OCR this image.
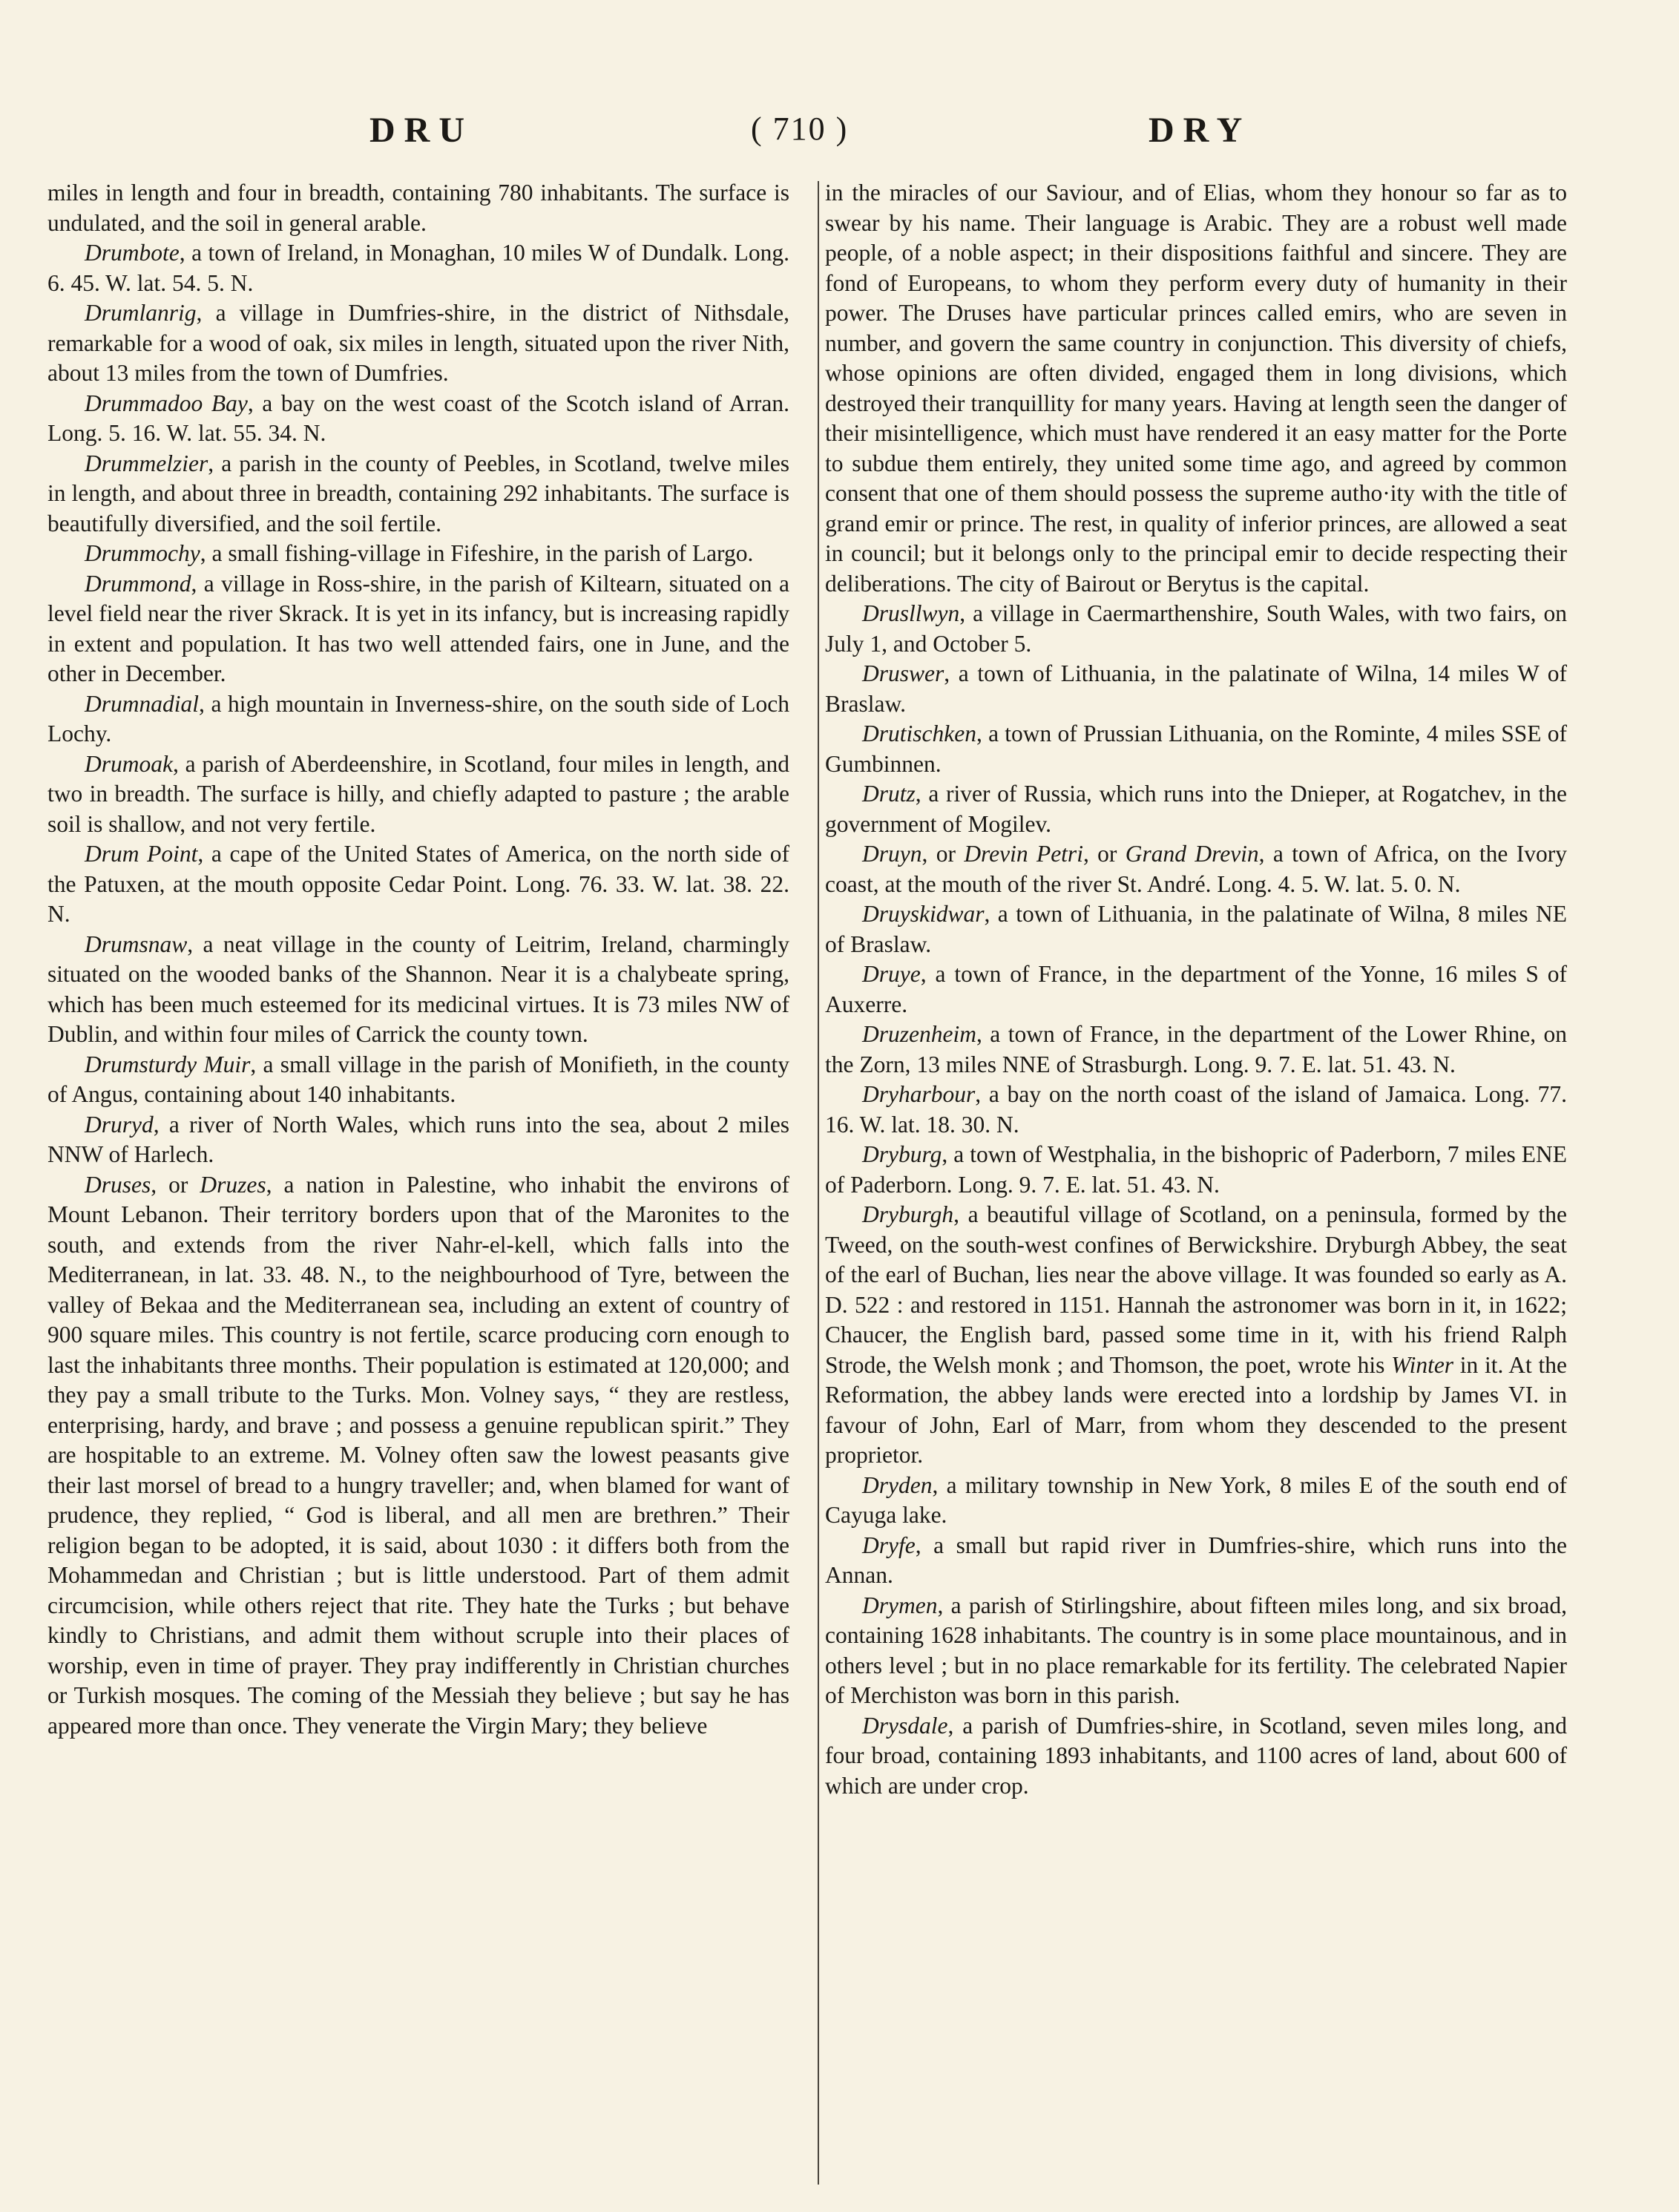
DRU	( 710 )	DRY

miles in length and four in breadth, containing 780 inhabitants. The surface is undulated, and the soil in general arable.

Drumbote, a town of Ireland, in Monaghan, 10 miles W of Dundalk. Long. 6. 45. W. lat. 54. 5. N.

Drumlanrig, a village in Dumfries-shire, in the district of Nithsdale, remarkable for a wood of oak, six miles in length, situated upon the river Nith, about 13 miles from the town of Dumfries.

Drummadoo Bay, a bay on the west coast of the Scotch island of Arran. Long. 5. 16. W. lat. 55. 34. N.

Drummelzier, a parish in the county of Peebles, in Scotland, twelve miles in length, and about three in breadth, containing 292 inhabitants. The surface is beautifully diversified, and the soil fertile.

Drummochy, a small fishing-village in Fifeshire, in the parish of Largo.

Drummond, a village in Ross-shire, in the parish of Kiltearn, situated on a level field near the river Skrack. It is yet in its infancy, but is increasing rapidly in extent and population. It has two well attended fairs, one in June, and the other in December.

Drumnadial, a high mountain in Inverness-shire, on the south side of Loch Lochy.

Drumoak, a parish of Aberdeenshire, in Scotland, four miles in length, and two in breadth. The surface is hilly, and chiefly adapted to pasture ; the arable soil is shallow, and not very fertile.

Drum Point, a cape of the United States of America, on the north side of the Patuxen, at the mouth opposite Cedar Point. Long. 76. 33. W. lat. 38. 22. N.

Drumsnaw, a neat village in the county of Leitrim, Ireland, charmingly situated on the wooded banks of the Shannon. Near it is a chalybeate spring, which has been much esteemed for its medicinal virtues. It is 73 miles NW of Dublin, and within four miles of Carrick the county town.

Drumsturdy Muir, a small village in the parish of Monifieth, in the county of Angus, containing about 140 inhabitants.

Druryd, a river of North Wales, which runs into the sea, about 2 miles NNW of Harlech.

Druses, or Druzes, a nation in Palestine, who inhabit the environs of Mount Lebanon. Their territory borders upon that of the Maronites to the south, and extends from the river Nahr-el-kell, which falls into the Mediterranean, in lat. 33. 48. N., to the neighbourhood of Tyre, between the valley of Bekaa and the Mediterranean sea, including an extent of country of 900 square miles. This country is not fertile, scarce producing corn enough to last the inhabitants three months. Their population is estimated at 120,000; and they pay a small tribute to the Turks. Mon. Volney says, “ they are restless, enterprising, hardy, and brave ; and possess a genuine republican spirit.” They are hospitable to an extreme. M. Volney often saw the lowest peasants give their last morsel of bread to a hungry traveller; and, when blamed for want of prudence, they replied, “ God is liberal, and all men are brethren.” Their religion began to be adopted, it is said, about 1030 : it differs both from the Mohammedan and Christian ; but is little understood. Part of them admit circumcision, while others reject that rite. They hate the Turks ; but behave kindly to Christians, and admit them without scruple into their places of worship, even in time of prayer. They pray indifferently in Christian churches or Turkish mosques. The coming of the Messiah they believe ; but say he has appeared more than once. They venerate the Virgin Mary; they believe

in the miracles of our Saviour, and of Elias, whom they honour so far as to swear by his name. Their language is Arabic. They are a robust well made people, of a noble aspect; in their dispositions faithful and sincere. They are fond of Europeans, to whom they perform every duty of humanity in their power. The Druses have particular princes called emirs, who are seven in number, and govern the same country in conjunction. This diversity of chiefs, whose opinions are often divided, engaged them in long divisions, which destroyed their tranquillity for many years. Having at length seen the danger of their misintelligence, which must have rendered it an easy matter for the Porte to subdue them entirely, they united some time ago, and agreed by common consent that one of them should possess the supreme autho·ity with the title of grand emir or prince. The rest, in quality of inferior princes, are allowed a seat in council; but it belongs only to the principal emir to decide respecting their deliberations. The city of Bairout or Berytus is the capital.

Drusllwyn, a village in Caermarthenshire, South Wales, with two fairs, on July 1, and October 5.

Druswer, a town of Lithuania, in the palatinate of Wilna, 14 miles W of Braslaw.

Drutischken, a town of Prussian Lithuania, on the Rominte, 4 miles SSE of Gumbinnen.

Drutz, a river of Russia, which runs into the Dnieper, at Rogatchev, in the government of Mogilev.

Druyn, or Drevin Petri, or Grand Drevin, a town of Africa, on the Ivory coast, at the mouth of the river St. André. Long. 4. 5. W. lat. 5. 0. N.

Druyskidwar, a town of Lithuania, in the palatinate of Wilna, 8 miles NE of Braslaw.

Druye, a town of France, in the department of the Yonne, 16 miles S of Auxerre.

Druzenheim, a town of France, in the department of the Lower Rhine, on the Zorn, 13 miles NNE of Strasburgh. Long. 9. 7. E. lat. 51. 43. N.

Dryharbour, a bay on the north coast of the island of Jamaica. Long. 77. 16. W. lat. 18. 30. N.

Dryburg, a town of Westphalia, in the bishopric of Paderborn, 7 miles ENE of Paderborn. Long. 9. 7. E. lat. 51. 43. N.

Dryburgh, a beautiful village of Scotland, on a peninsula, formed by the Tweed, on the south-west confines of Berwickshire. Dryburgh Abbey, the seat of the earl of Buchan, lies near the above village. It was founded so early as A. D. 522 : and restored in 1151. Hannah the astronomer was born in it, in 1622; Chaucer, the English bard, passed some time in it, with his friend Ralph Strode, the Welsh monk ; and Thomson, the poet, wrote his Winter in it. At the Reformation, the abbey lands were erected into a lordship by James VI. in favour of John, Earl of Marr, from whom they descended to the present proprietor.

Dryden, a military township in New York, 8 miles E of the south end of Cayuga lake.

Dryfe, a small but rapid river in Dumfries-shire, which runs into the Annan.

Drymen, a parish of Stirlingshire, about fifteen miles long, and six broad, containing 1628 inhabitants. The country is in some place mountainous, and in others level ; but in no place remarkable for its fertility. The celebrated Napier of Merchiston was born in this parish.

Drysdale, a parish of Dumfries-shire, in Scotland, seven miles long, and four broad, containing 1893 inhabitants, and 1100 acres of land, about 600 of which are under crop.
